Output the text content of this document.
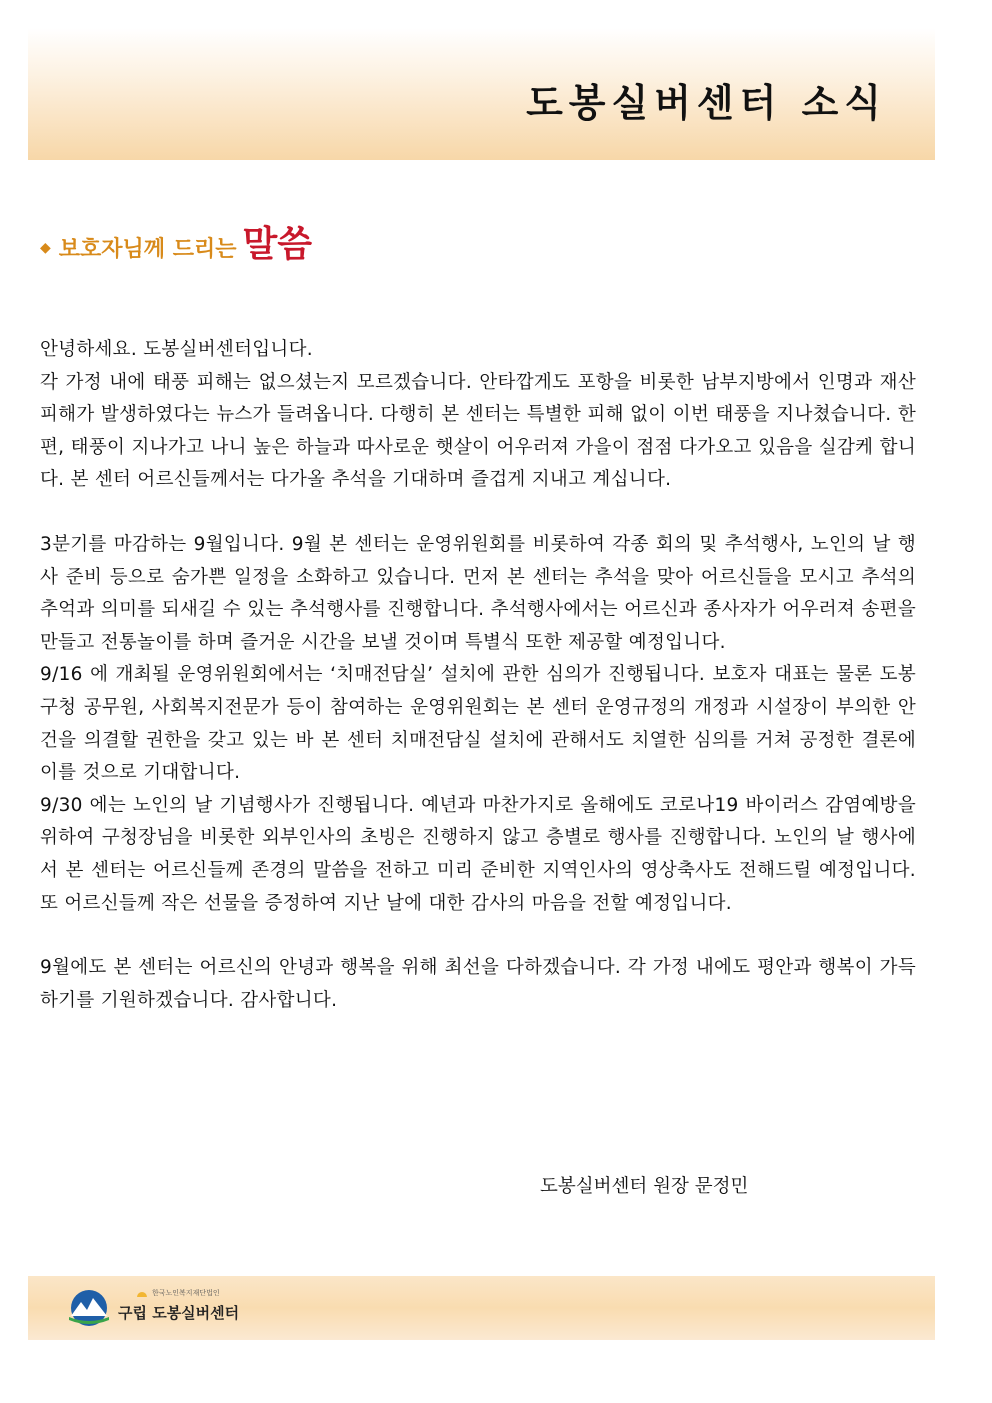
도봉실버센터 소식
◆ 보호자님께 드리는 말씀

안녕하세요. 도봉실버센터입니다.

각 가정 내에 태풍 피해는 없으셨는지 모르겠습니다. 안타깝게도 포항을 비롯한 남부지방에서 인명과 재산피해가 발생하였다는 뉴스가 들려옵니다. 다행히 본 센터는 특별한 피해 없이 이번 태풍을 지나쳤습니다. 한편, 태풍이 지나가고 나니 높은 하늘과 따사로운 햇살이 어우러져 가을이 점점 다가오고 있음을 실감케 합니다. 본 센터 어르신들께서는 다가올 추석을 기대하며 즐겁게 지내고 계십니다.

3분기를 마감하는 9월입니다. 9월 본 센터는 운영위원회를 비롯하여 각종 회의 및 추석행사, 노인의 날 행사 준비 등으로 숨가쁜 일정을 소화하고 있습니다. 먼저 본 센터는 추석을 맞아 어르신들을 모시고 추석의 추억과 의미를 되새길 수 있는 추석행사를 진행합니다. 추석행사에서는 어르신과 종사자가 어우러져 송편을 만들고 전통놀이를 하며 즐거운 시간을 보낼 것이며 특별식 또한 제공할 예정입니다.

9/16 에 개최될 운영위원회에서는 ‘치매전담실’ 설치에 관한 심의가 진행됩니다. 보호자 대표는 물론 도봉구청 공무원, 사회복지전문가 등이 참여하는 운영위원회는 본 센터 운영규정의 개정과 시설장이 부의한 안건을 의결할 권한을 갖고 있는 바 본 센터 치매전담실 설치에 관해서도 치열한 심의를 거쳐 공정한 결론에 이를 것으로 기대합니다.

9/30 에는 노인의 날 기념행사가 진행됩니다. 예년과 마찬가지로 올해에도 코로나19 바이러스 감염예방을 위하여 구청장님을 비롯한 외부인사의 초빙은 진행하지 않고 층별로 행사를 진행합니다. 노인의 날 행사에서 본 센터는 어르신들께 존경의 말씀을 전하고 미리 준비한 지역인사의 영상축사도 전해드릴 예정입니다. 또 어르신들께 작은 선물을 증정하여 지난 날에 대한 감사의 마음을 전할 예정입니다.

9월에도 본 센터는 어르신의 안녕과 행복을 위해 최선을 다하겠습니다. 각 가정 내에도 평안과 행복이 가득하기를 기원하겠습니다. 감사합니다.

도봉실버센터 원장 문정민
한국노인복지재단법인
구립 도봉실버센터
